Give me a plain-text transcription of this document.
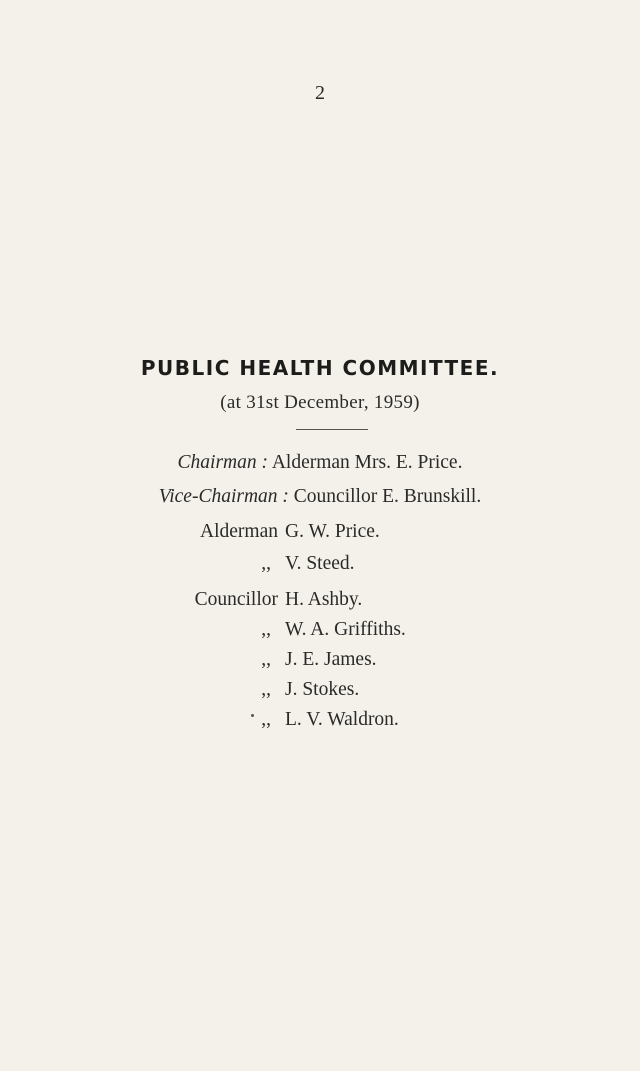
2
PUBLIC HEALTH COMMITTEE.
(at 31st December, 1959)
Chairman : Alderman Mrs. E. Price.
Vice-Chairman : Councillor E. Brunskill.
Alderman G. W. Price.
,, V. Steed.
Councillor H. Ashby.
,, W. A. Griffiths.
,, J. E. James.
,, J. Stokes.
,, L. V. Waldron.
